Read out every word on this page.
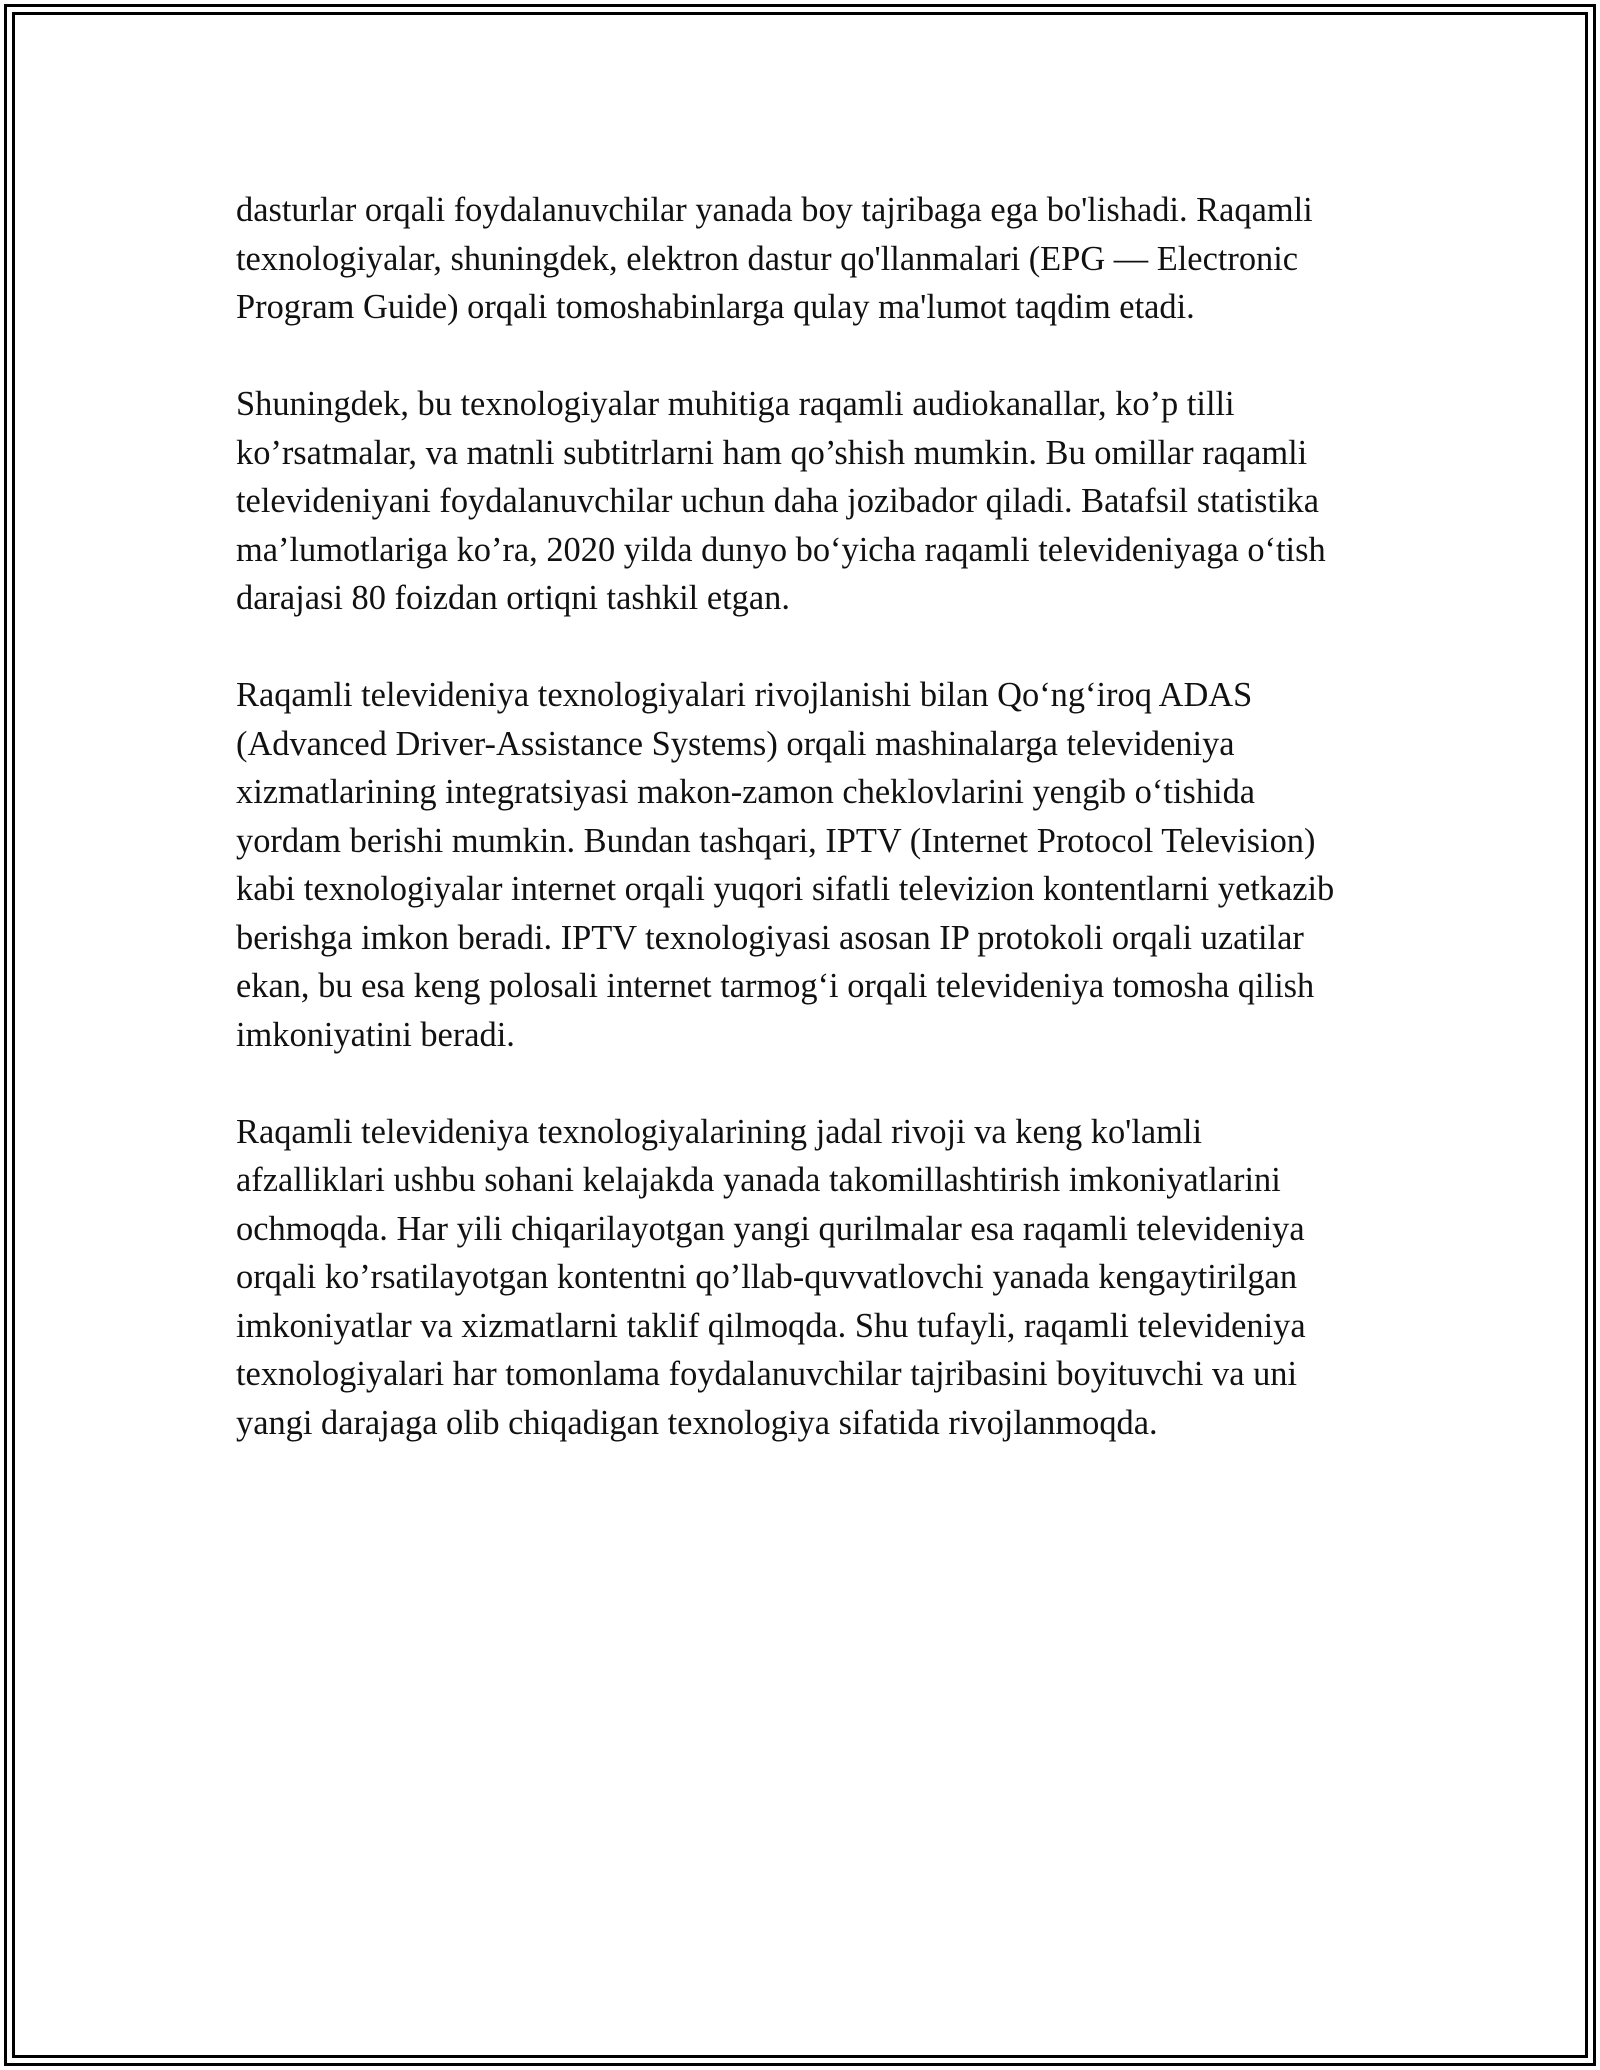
dasturlar orqali foydalanuvchilar yanada boy tajribaga ega bo'lishadi. Raqamli texnologiyalar, shuningdek, elektron dastur qo'llanmalari (EPG — Electronic Program Guide) orqali tomoshabinlarga qulay ma'lumot taqdim etadi.

Shuningdek, bu texnologiyalar muhitiga raqamli audiokanallar, ko’p tilli ko’rsatmalar, va matnli subtitrlarni ham qo’shish mumkin. Bu omillar raqamli televideniyani foydalanuvchilar uchun daha jozibador qiladi. Batafsil statistika ma’lumotlariga ko’ra, 2020 yilda dunyo bo‘yicha raqamli televideniyaga o‘tish darajasi 80 foizdan ortiqni tashkil etgan.

Raqamli televideniya texnologiyalari rivojlanishi bilan Qo‘ng‘iroq ADAS (Advanced Driver-Assistance Systems) orqali mashinalarga televideniya xizmatlarining integratsiyasi makon-zamon cheklovlarini yengib o‘tishida yordam berishi mumkin. Bundan tashqari, IPTV (Internet Protocol Television) kabi texnologiyalar internet orqali yuqori sifatli televizion kontentlarni yetkazib berishga imkon beradi. IPTV texnologiyasi asosan IP protokoli orqali uzatilar ekan, bu esa keng polosali internet tarmog‘i orqali televideniya tomosha qilish imkoniyatini beradi.

Raqamli televideniya texnologiyalarining jadal rivoji va keng ko'lamli afzalliklari ushbu sohani kelajakda yanada takomillashtirish imkoniyatlarini ochmoqda. Har yili chiqarilayotgan yangi qurilmalar esa raqamli televideniya orqali ko’rsatilayotgan kontentni qo’llab-quvvatlovchi yanada kengaytirilgan imkoniyatlar va xizmatlarni taklif qilmoqda. Shu tufayli, raqamli televideniya texnologiyalari har tomonlama foydalanuvchilar tajribasini boyituvchi va uni yangi darajaga olib chiqadigan texnologiya sifatida rivojlanmoqda.
